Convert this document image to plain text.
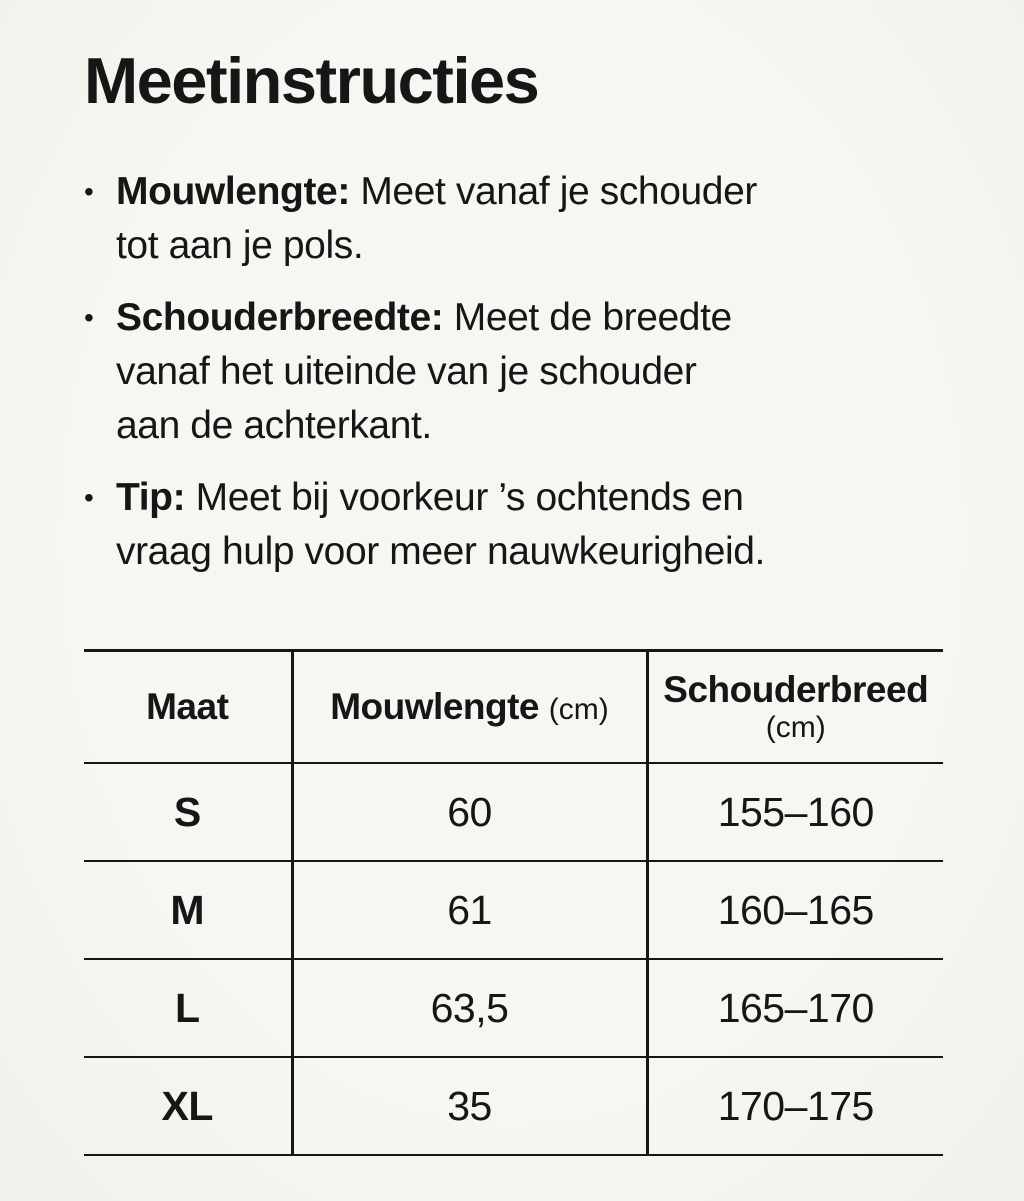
Meetinstructies

• Mouwlengte: Meet vanaf je schouder

tot aan je pols.

• Schouderbreedte: Meet de breedte

vanaf het uiteinde van je schouder

aan de achterkant.

• Tip: Meet bij voorkeur ’s ochtends en

vraag hulp voor meer nauwkeurigheid.

Maat	Mouwlengte (cm)	Schouderbreed
(cm)

S	60	155–160
M	61	160–165
L	63,5	165–170
XL	35	170–175
